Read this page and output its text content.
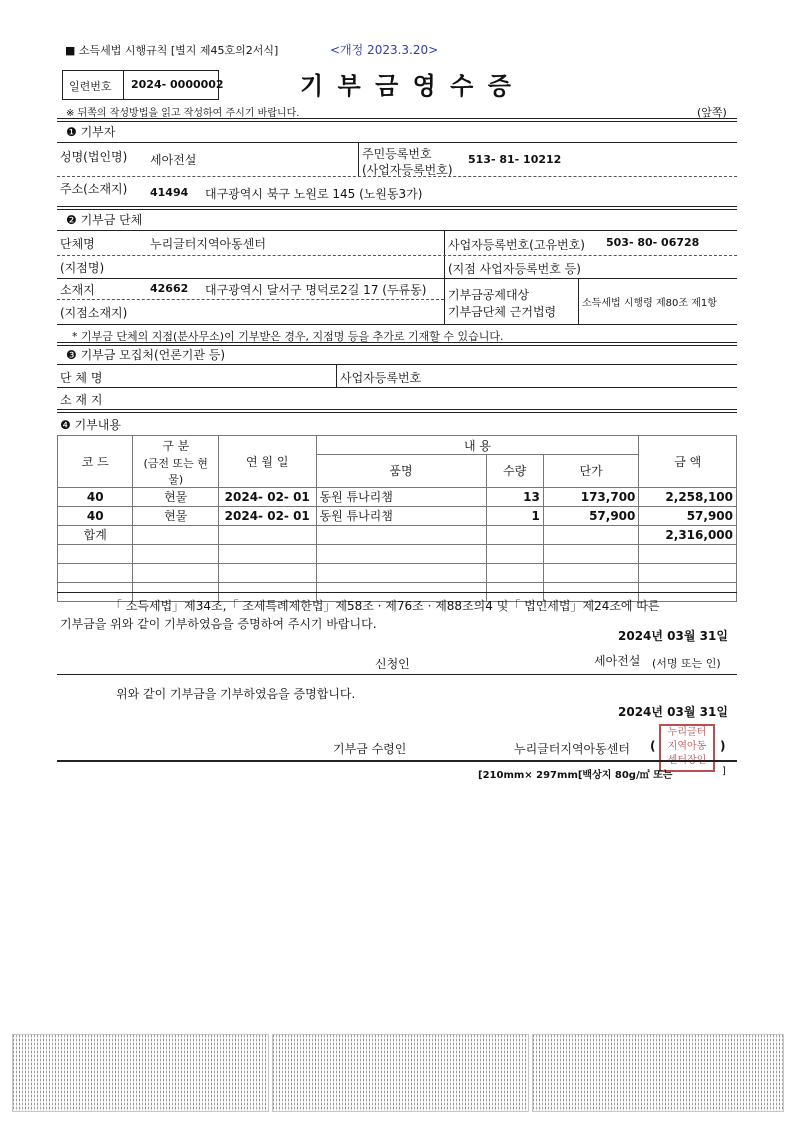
■ 소득세법 시행규칙 [별지 제45호의2서식]	<개정 2023.3.20>
일련번호 2024- 0000002	기 부 금 영 수 증
※ 뒤쪽의 작성방법을 읽고 작성하여 주시기 바랍니다.	(앞쪽)
❶ 기부자
성명(법인명) 세아전설	주민등록번호
(사업자등록번호)
513- 81- 10212
주소(소재지) 41494 대구광역시 북구 노원로 145 (노원동3가)
❷ 기부금 단체
단체명	누리글터지역아동센터	사업자등록번호(고유번호) 503- 80- 06728
(지점명)	(지점 사업자등록번호 등)
소재지	42662 대구광역시 달서구 명덕로2길 17 (두류동)
(지점소재지)
기부금공제대상
기부금단체 근거법령
소득세법 시행령 제80조 제1항
* 기부금 단체의 지점(분사무소)이 기부받은 경우, 지점명 등을 추가로 기재할 수 있습니다.
❸ 기부금 모집처(언론기관 등)
단 체 명	사업자등록번호
소 재 지
❹ 기부내용
코 드	구 분	연 월 일	내 용			금 액
	(금전 또는 현물)		품명	수량	단가	
40	현물	2024- 02- 01	동원 튜나리챔	13	173,700	2,258,100
40	현물	2024- 02- 01	동원 튜나리챔	1	57,900	57,900
합계						2,316,000

「 소득세법」제34조,「 조세특례제한법」제58조 · 제76조 · 제88조의4 및「 법인세법」제24조에 따른
기부금을 위와 같이 기부하였음을 증명하여 주시기 바랍니다.
2024년 03월 31일
신청인	세아전설 (서명 또는 인)
위와 같이 기부금을 기부하였음을 증명합니다.
2024년 03월 31일
기부금 수령인	누리글터지역아동센터 (	)
누리글터
지역아동
[210mm× 297mm[백상지 80g/㎡ 또는	]
